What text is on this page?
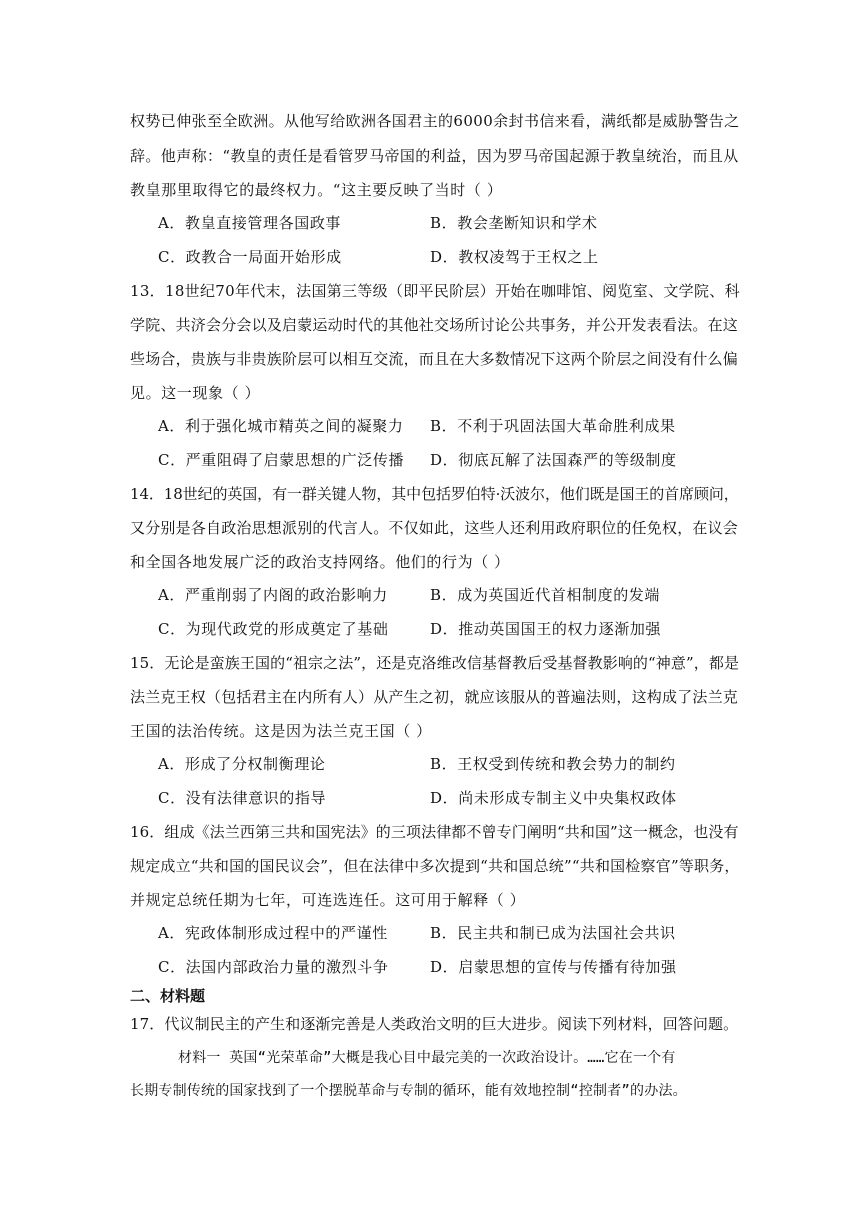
权势已伸张至全欧洲。从他写给欧洲各国君主的6000余封书信来看，满纸都是威胁警告之
辞。他声称：“教皇的责任是看管罗马帝国的利益，因为罗马帝国起源于教皇统治，而且从
教皇那里取得它的最终权力。“这主要反映了当时（ ）
A．教皇直接管理各国政事	B．教会垄断知识和学术
C．政教合一局面开始形成	D．教权凌驾于王权之上
13．18世纪70年代末，法国第三等级（即平民阶层）开始在咖啡馆、阅览室、文学院、科
学院、共济会分会以及启蒙运动时代的其他社交场所讨论公共事务，并公开发表看法。在这
些场合，贵族与非贵族阶层可以相互交流，而且在大多数情况下这两个阶层之间没有什么偏
见。这一现象（ ）
A．利于强化城市精英之间的凝聚力 B．不利于巩固法国大革命胜利成果
C．严重阻碍了启蒙思想的广泛传播 D．彻底瓦解了法国森严的等级制度
14．18世纪的英国，有一群关键人物，其中包括罗伯特·沃波尔，他们既是国王的首席顾问，
又分别是各自政治思想派别的代言人。不仅如此，这些人还利用政府职位的任免权，在议会
和全国各地发展广泛的政治支持网络。他们的行为（ ）
A．严重削弱了内阁的政治影响力	B．成为英国近代首相制度的发端
C．为现代政党的形成奠定了基础	D．推动英国国王的权力逐渐加强
15．无论是蛮族王国的“祖宗之法”，还是克洛维改信基督教后受基督教影响的“神意”，都是
法兰克王权（包括君主在内所有人）从产生之初，就应该服从的普遍法则，这构成了法兰克
王国的法治传统。这是因为法兰克王国（ ）
A．形成了分权制衡理论	B．王权受到传统和教会势力的制约
C．没有法律意识的指导	D．尚未形成专制主义中央集权政体
16．组成《法兰西第三共和国宪法》的三项法律都不曾专门阐明“共和国”这一概念，也没有
规定成立“共和国的国民议会”，但在法律中多次提到“共和国总统”“共和国检察官”等职务，
并规定总统任期为七年，可连选连任。这可用于解释（ ）
A．宪政体制形成过程中的严谨性	B．民主共和制已成为法国社会共识
C．法国内部政治力量的激烈斗争	D．启蒙思想的宣传与传播有待加强
二、材料题
17．代议制民主的产生和逐渐完善是人类政治文明的巨大进步。阅读下列材料，回答问题。
材料一 英国“光荣革命”大概是我心目中最完美的一次政治设计。……它在一个有
长期专制传统的国家找到了一个摆脱革命与专制的循环，能有效地控制“控制者”的办法。
